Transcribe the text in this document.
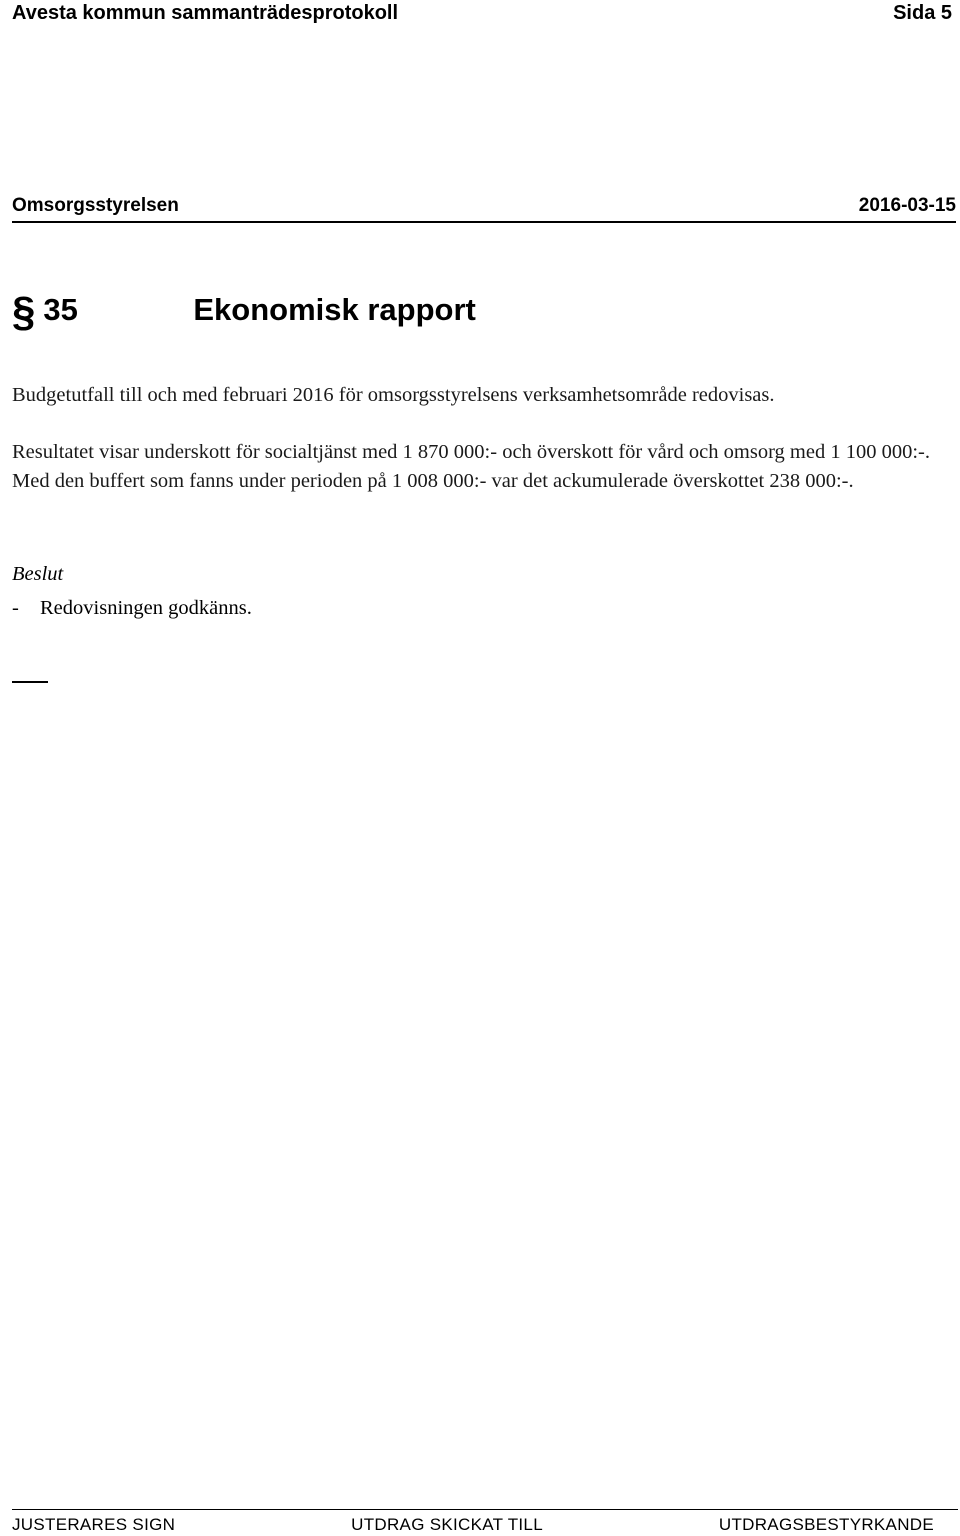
Avesta kommun sammanträdesprotokoll	Sida 5
Omsorgsstyrelsen	2016-03-15
§ 35	Ekonomisk rapport
Budgetutfall till och med februari 2016 för omsorgsstyrelsens verksamhetsområde redovisas.
Resultatet visar underskott för socialtjänst med 1 870 000:- och överskott för vård och omsorg med 1 100 000:-. Med den buffert som fanns under perioden på 1 008 000:- var det ackumulerade överskottet 238 000:-.
Beslut
-	Redovisningen godkänns.
JUSTERARES SIGN	UTDRAG SKICKAT TILL	UTDRAGSBESTYRKANDE
